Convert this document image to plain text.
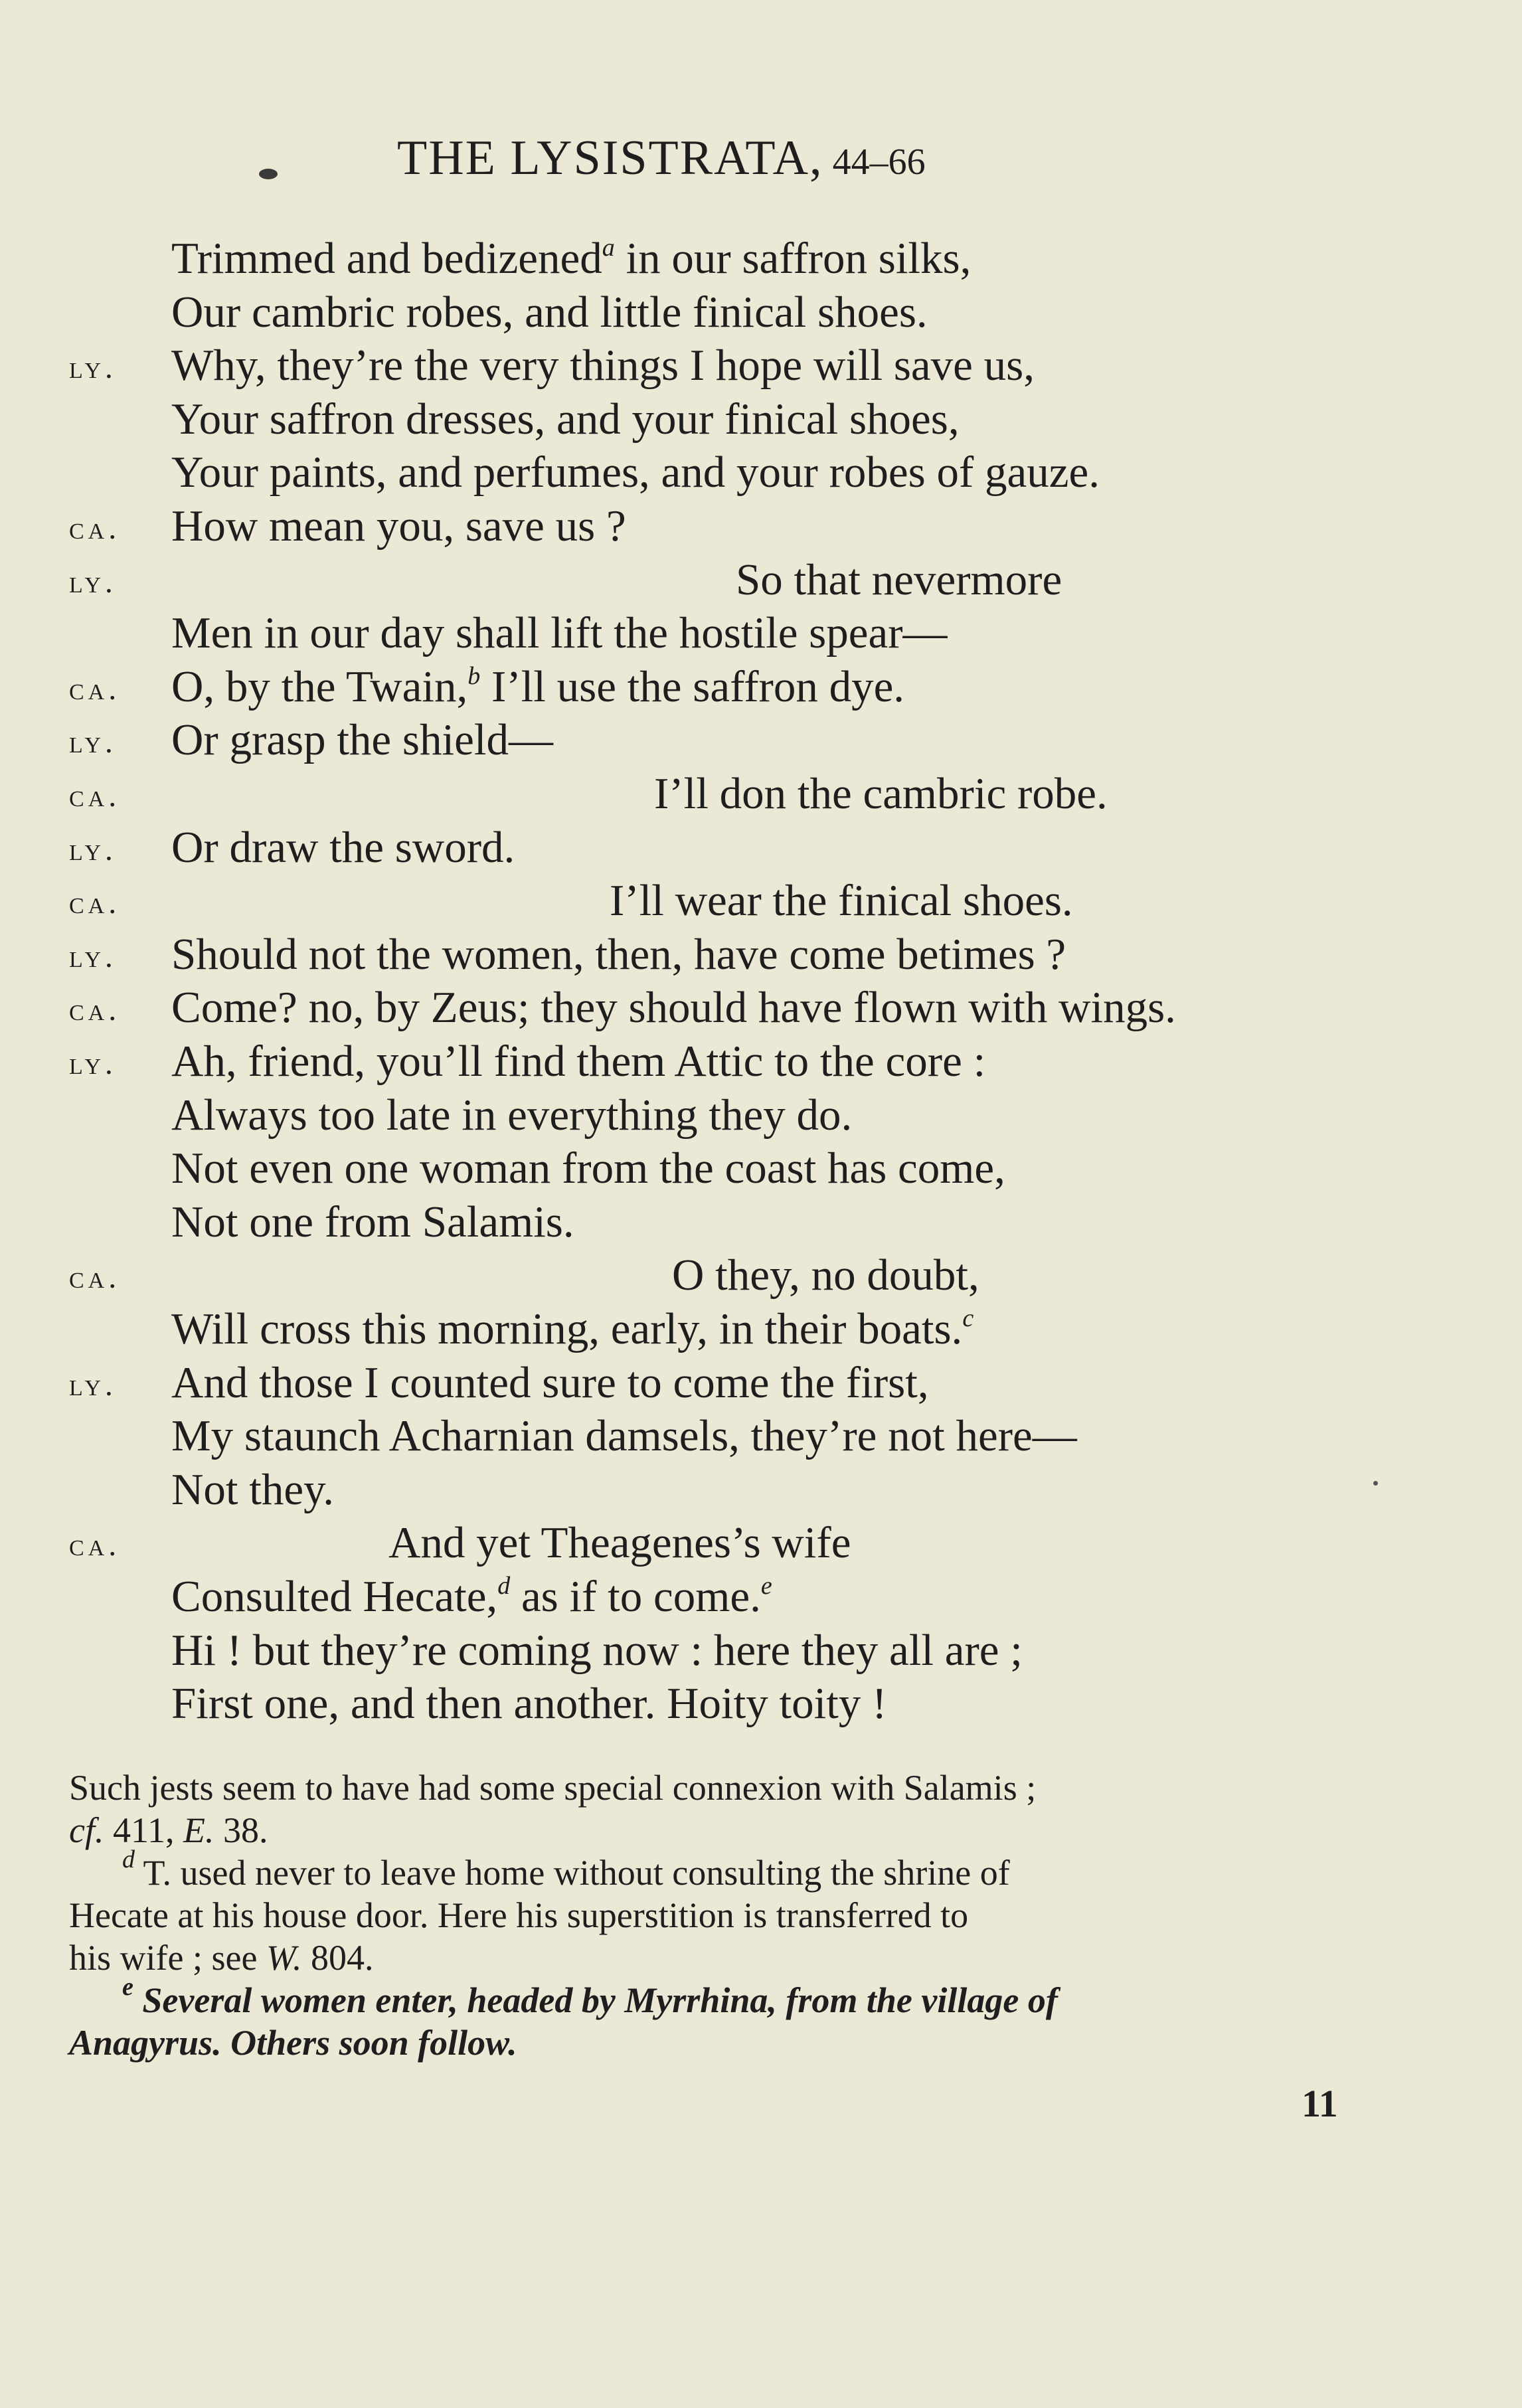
THE LYSISTRATA, 44–66
Trimmed and bedizened$^a$ in our saffron silks,
Our cambric robes, and little finical shoes.
ly. Why, they’re the very things I hope will save us,
Your saffron dresses, and your finical shoes,
Your paints, and perfumes, and your robes of gauze.
ca. How mean you, save us ?
ly.	So that nevermore
Men in our day shall lift the hostile spear—
ca. O, by the Twain,$^b$ I’ll use the saffron dye.
ly. Or grasp the shield—
ca.	I’ll don the cambric robe.
ly. Or draw the sword.
ca.	I’ll wear the finical shoes.
ly. Should not the women, then, have come betimes ?
ca. Come? no, by Zeus; they should have flown with wings.
ly. Ah, friend, you’ll find them Attic to the core :
Always too late in everything they do.
Not even one woman from the coast has come,
Not one from Salamis.
ca.	O they, no doubt,
Will cross this morning, early, in their boats.$^c$
ly. And those I counted sure to come the first,
My staunch Acharnian damsels, they’re not here—
Not they.
ca.	And yet Theagenes’s wife
Consulted Hecate,$^d$ as if to come.$^e$
Hi ! but they’re coming now : here they all are ;
First one, and then another. Hoity toity !
Such jests seem to have had some special connexion with Salamis ;
cf. 411, E. 38.
$^d$ T. used never to leave home without consulting the shrine of
Hecate at his house door. Here his superstition is transferred to
his wife ; see W. 804.
$^e$ Several women enter, headed by Myrrhina, from the village of
Anagyrus. Others soon follow.
11
